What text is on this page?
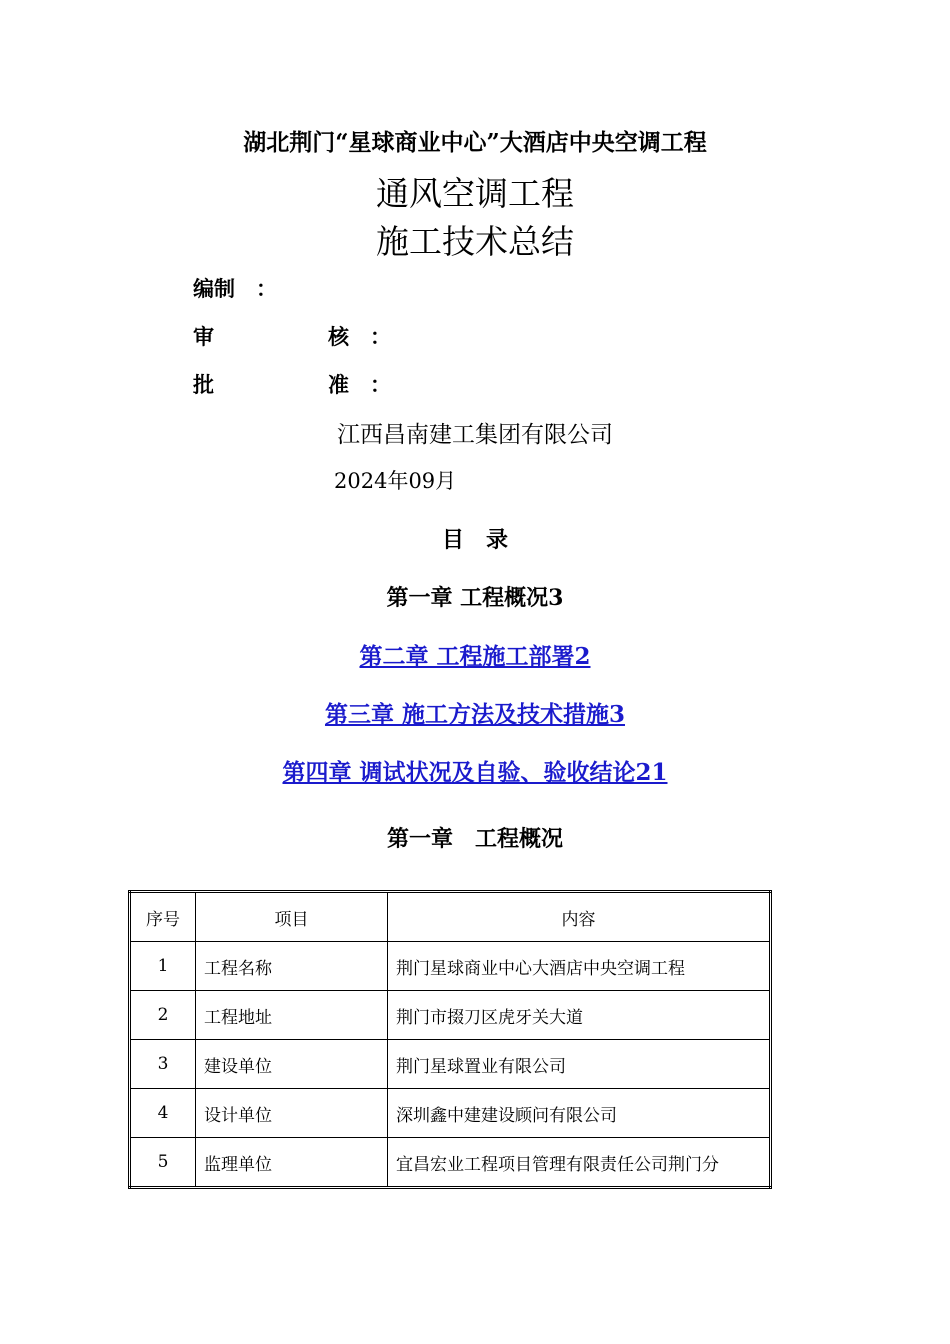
湖北荆门“星球商业中心”大酒店中央空调工程
通风空调工程
施工技术总结
编制　：
审	核　：
批	准　：
江西昌南建工集团有限公司
2024年09月
目　录
第一章 工程概况3
第二章 工程施工部署2
第三章 施工方法及技术措施3
第四章 调试状况及自验、验收结论21
第一章　工程概况
序号	项目	内容
1	工程名称	荆门星球商业中心大酒店中央空调工程
2	工程地址	荆门市掇刀区虎牙关大道
3	建设单位	荆门星球置业有限公司
4	设计单位	深圳鑫中建建设顾问有限公司
5	监理单位	宜昌宏业工程项目管理有限责任公司荆门分
